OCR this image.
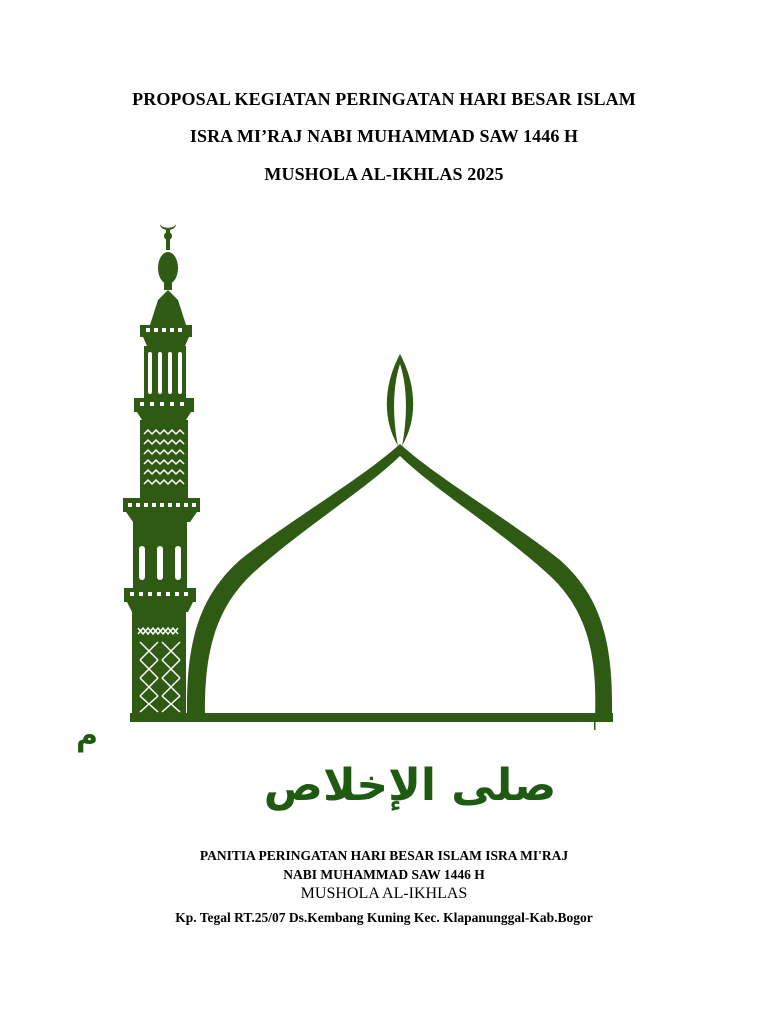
PROPOSAL KEGIATAN PERINGATAN HARI BESAR ISLAM
ISRA MI’RAJ NABI MUHAMMAD SAW 1446 H
MUSHOLA AL-IKHLAS 2025
م
صلى الإخلاص
PANITIA PERINGATAN HARI BESAR ISLAM ISRA MI'RAJ
NABI MUHAMMAD SAW 1446 H
MUSHOLA AL-IKHLAS
Kp. Tegal RT.25/07 Ds.Kembang Kuning Kec. Klapanunggal-Kab.Bogor
